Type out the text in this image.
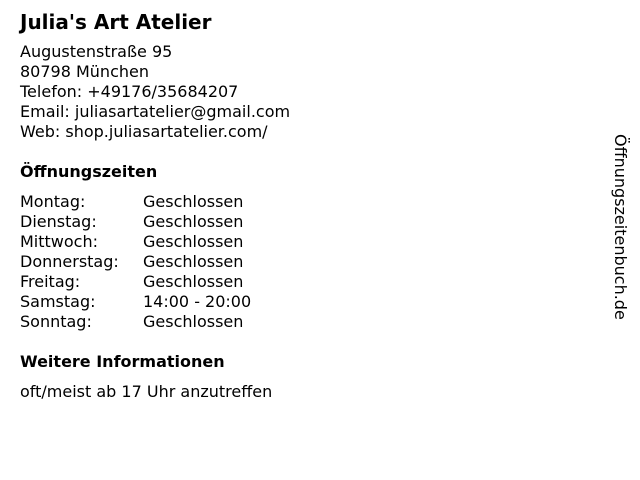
Julia's Art Atelier
Augustenstraße 95
80798 München
Telefon: +49176/35684207
Email: juliasartatelier@gmail.com
Web: shop.juliasartatelier.com/
Öffnungszeiten
Montag:	Geschlossen
Dienstag:	Geschlossen
Mittwoch:	Geschlossen
Donnerstag:	Geschlossen
Freitag:	Geschlossen
Samstag:	14:00 - 20:00
Sonntag:	Geschlossen
Weitere Informationen
oft/meist ab 17 Uhr anzutreffen
Öffnungszeitenbuch.de
